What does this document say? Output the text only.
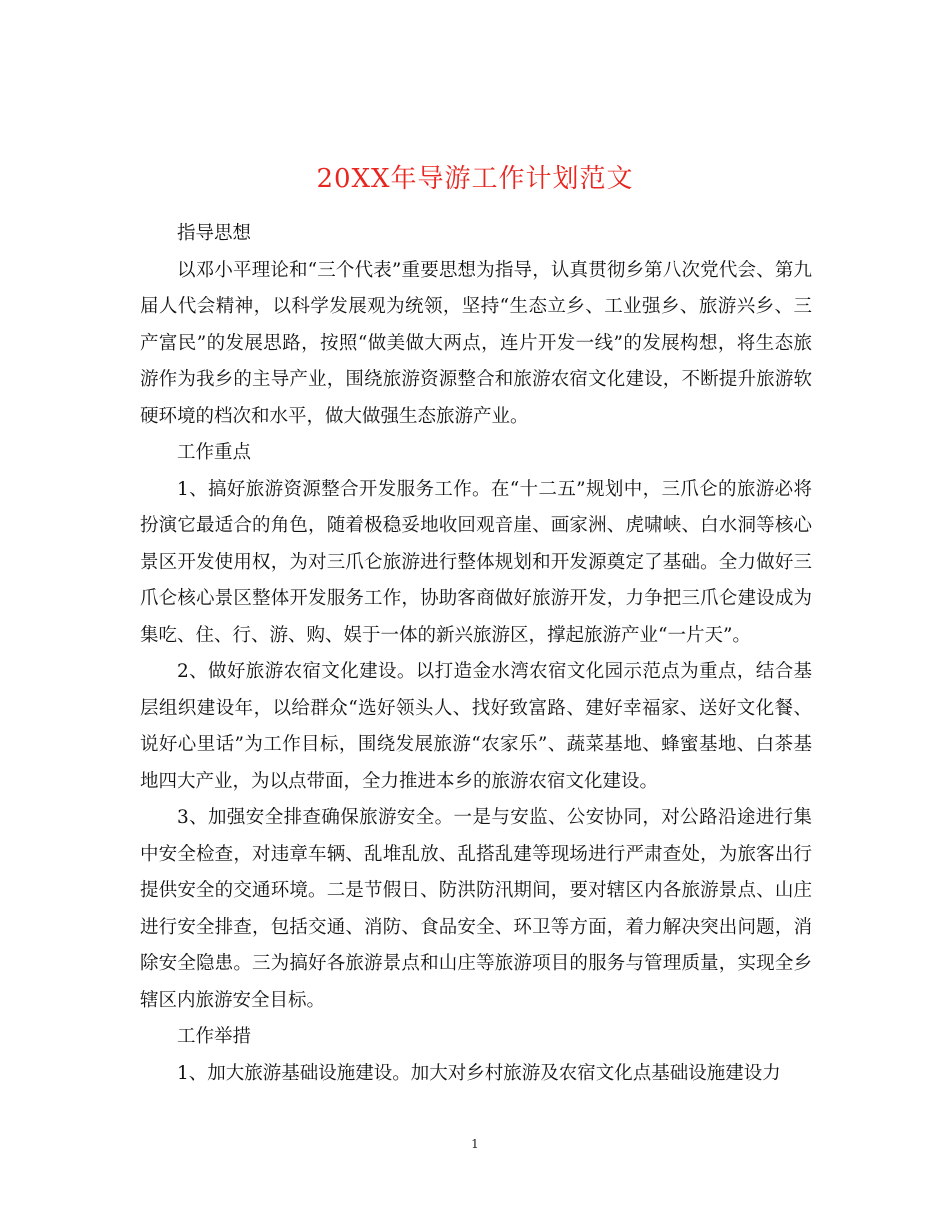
20XX年导游工作计划范文

指导思想

以邓小平理论和“三个代表”重要思想为指导，认真贯彻乡第八次党代会、第九届人代会精神，以科学发展观为统领，坚持“生态立乡、工业强乡、旅游兴乡、三产富民”的发展思路，按照“做美做大两点，连片开发一线”的发展构想，将生态旅游作为我乡的主导产业，围绕旅游资源整合和旅游农宿文化建设，不断提升旅游软硬环境的档次和水平，做大做强生态旅游产业。

工作重点

1、搞好旅游资源整合开发服务工作。在“十二五”规划中，三爪仑的旅游必将扮演它最适合的角色，随着极稳妥地收回观音崖、画家洲、虎啸峡、白水洞等核心景区开发使用权，为对三爪仑旅游进行整体规划和开发源奠定了基础。全力做好三爪仑核心景区整体开发服务工作，协助客商做好旅游开发，力争把三爪仑建设成为集吃、住、行、游、购、娱于一体的新兴旅游区，撑起旅游产业“一片天”。

2、做好旅游农宿文化建设。以打造金水湾农宿文化园示范点为重点，结合基层组织建设年，以给群众“选好领头人、找好致富路、建好幸福家、送好文化餐、说好心里话”为工作目标，围绕发展旅游“农家乐”、蔬菜基地、蜂蜜基地、白茶基地四大产业，为以点带面，全力推进本乡的旅游农宿文化建设。

3、加强安全排查确保旅游安全。一是与安监、公安协同，对公路沿途进行集中安全检查，对违章车辆、乱堆乱放、乱搭乱建等现场进行严肃查处，为旅客出行提供安全的交通环境。二是节假日、防洪防汛期间，要对辖区内各旅游景点、山庄进行安全排查，包括交通、消防、食品安全、环卫等方面，着力解决突出问题，消除安全隐患。三为搞好各旅游景点和山庄等旅游项目的服务与管理质量，实现全乡辖区内旅游安全目标。

工作举措

1、加大旅游基础设施建设。加大对乡村旅游及农宿文化点基础设施建设力

1
